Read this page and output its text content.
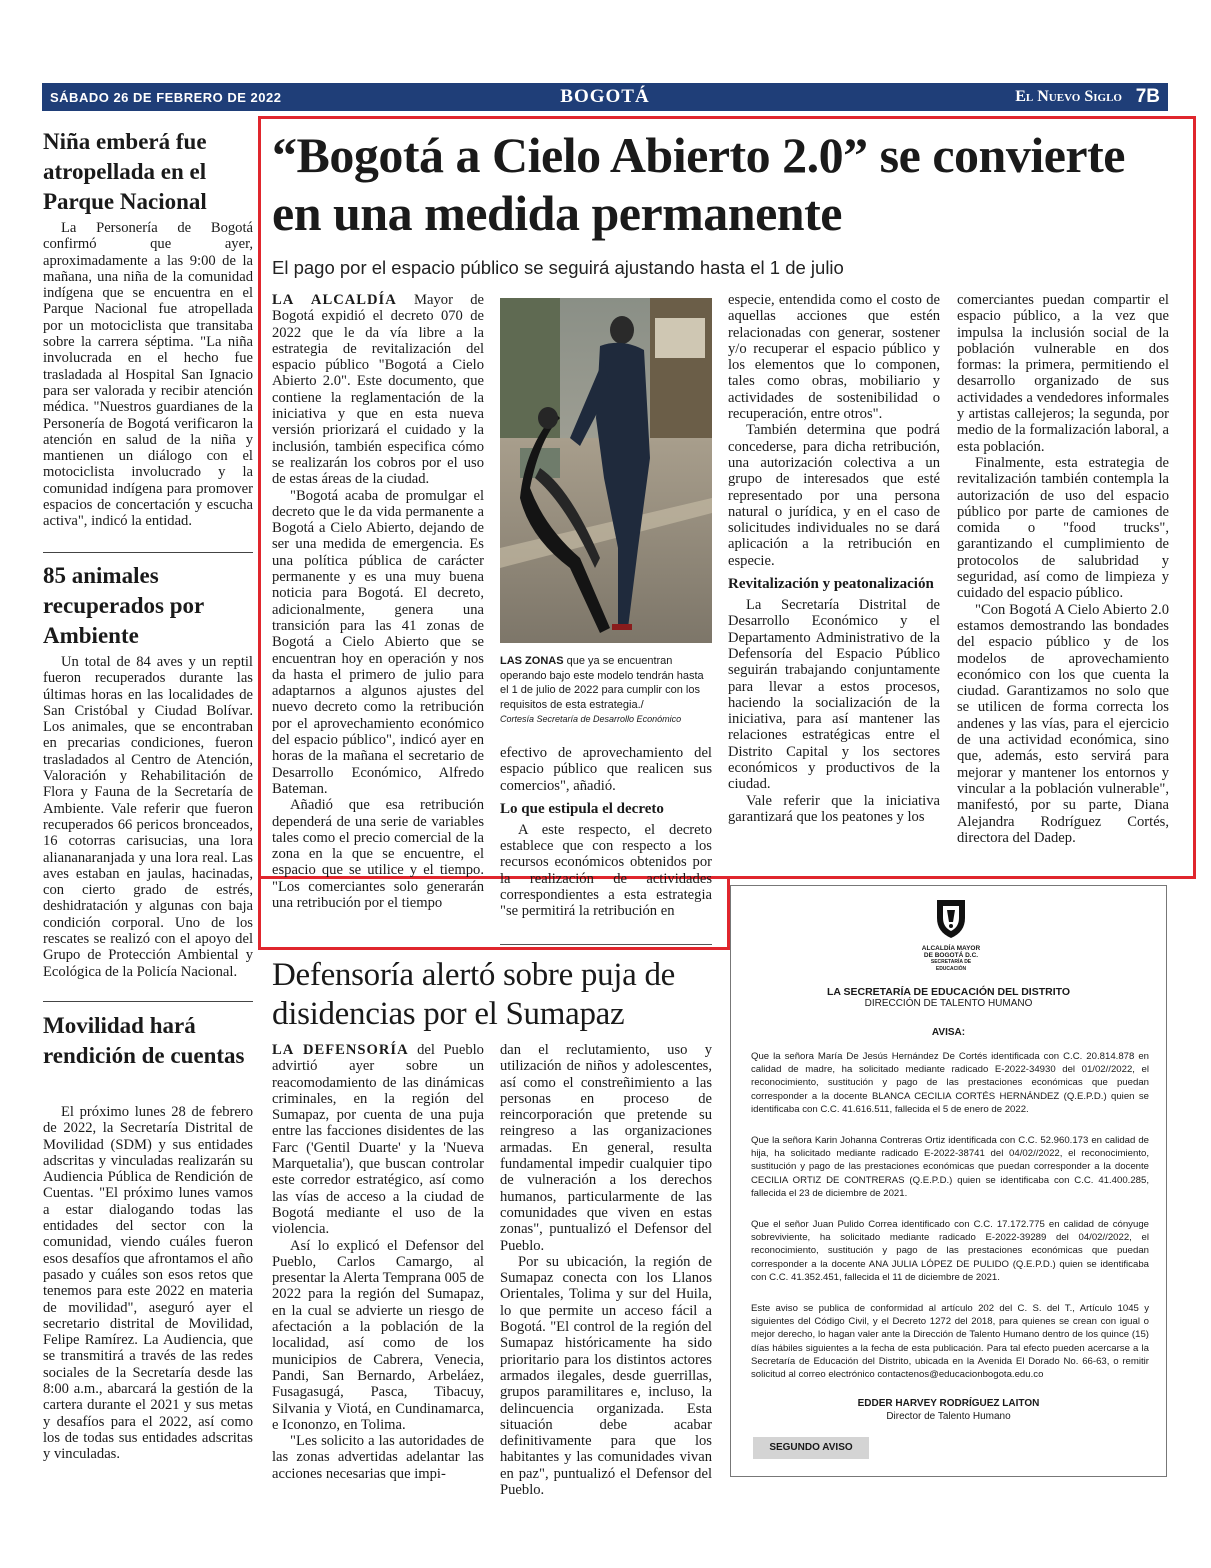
SÁBADO 26 DE FEBRERO DE 2022	BOGOTÁ	El Nuevo Siglo 7B
Niña emberá fue atropellada en el Parque Nacional

La Personería de Bogotá confirmó que ayer, aproximadamente a las 9:00 de la mañana, una niña de la comunidad indígena que se encuentra en el Parque Nacional fue atropellada por un motociclista que transitaba sobre la carrera séptima. "La niña involucrada en el hecho fue trasladada al Hospital San Ignacio para ser valorada y recibir atención médica. "Nuestros guardianes de la Personería de Bogotá verificaron la atención en salud de la niña y mantienen un diálogo con el motociclista involucrado y la comunidad indígena para promover espacios de concertación y escucha activa", indicó la entidad.

85 animales recuperados por Ambiente

Un total de 84 aves y un reptil fueron recuperados durante las últimas horas en las localidades de San Cristóbal y Ciudad Bolívar. Los animales, que se encontraban en precarias condiciones, fueron trasladados al Centro de Atención, Valoración y Rehabilitación de Flora y Fauna de la Secretaría de Ambiente. Vale referir que fueron recuperados 66 pericos bronceados, 16 cotorras carisucias, una lora aliananaranjada y una lora real. Las aves estaban en jaulas, hacinadas, con cierto grado de estrés, deshidratación y algunas con baja condición corporal. Uno de los rescates se realizó con el apoyo del Grupo de Protección Ambiental y Ecológica de la Policía Nacional.

Movilidad hará rendición de cuentas

El próximo lunes 28 de febrero de 2022, la Secretaría Distrital de Movilidad (SDM) y sus entidades adscritas y vinculadas realizarán su Audiencia Pública de Rendición de Cuentas. "El próximo lunes vamos a estar dialogando todas las entidades del sector con la comunidad, viendo cuáles fueron esos desafíos que afrontamos el año pasado y cuáles son esos retos que tenemos para este 2022 en materia de movilidad", aseguró ayer el secretario distrital de Movilidad, Felipe Ramírez. La Audiencia, que se transmitirá a través de las redes sociales de la Secretaría desde las 8:00 a.m., abarcará la gestión de la cartera durante el 2021 y sus metas y desafíos para el 2022, así como los de todas sus entidades adscritas y vinculadas.

“Bogotá a Cielo Abierto 2.0” se convierte en una medida permanente
El pago por el espacio público se seguirá ajustando hasta el 1 de julio

LA ALCALDÍA Mayor de Bogotá expidió el decreto 070 de 2022 que le da vía libre a la estrategia de revitalización del espacio público "Bogotá a Cielo Abierto 2.0". Este documento, que contiene la reglamentación de la iniciativa y que en esta nueva versión priorizará el cuidado y la inclusión, también especifica cómo se realizarán los cobros por el uso de estas áreas de la ciudad.

"Bogotá acaba de promulgar el decreto que le da vida permanente a Bogotá a Cielo Abierto, dejando de ser una medida de emergencia. Es una política pública de carácter permanente y es una muy buena noticia para Bogotá. El decreto, adicionalmente, genera una transición para las 41 zonas de Bogotá a Cielo Abierto que se encuentran hoy en operación y nos da hasta el primero de julio para adaptarnos a algunos ajustes del nuevo decreto como la retribución por el aprovechamiento económico del espacio público", indicó ayer en horas de la mañana el secretario de Desarrollo Económico, Alfredo Bateman.

Añadió que esa retribución dependerá de una serie de variables tales como el precio comercial de la zona en la que se encuentre, el espacio que se utilice y el tiempo. "Los comerciantes solo generarán una retribución por el tiempo

LAS ZONAS que ya se encuentran operando bajo este modelo tendrán hasta el 1 de julio de 2022 para cumplir con los requisitos de esta estrategia./
Cortesía Secretaría de Desarrollo Económico

efectivo de aprovechamiento del espacio público que realicen sus comercios", añadió.

Lo que estipula el decreto

A este respecto, el decreto establece que con respecto a los recursos económicos obtenidos por la realización de actividades correspondientes a esta estrategia "se permitirá la retribución en

especie, entendida como el costo de aquellas acciones que estén relacionadas con generar, sostener y/o recuperar el espacio público y los elementos que lo componen, tales como obras, mobiliario y actividades de sostenibilidad o recuperación, entre otros".

También determina que podrá concederse, para dicha retribución, una autorización colectiva a un grupo de interesados que esté representado por una persona natural o jurídica, y en el caso de solicitudes individuales no se dará aplicación a la retribución en especie.

Revitalización y peatonalización

La Secretaría Distrital de Desarrollo Económico y el Departamento Administrativo de la Defensoría del Espacio Público seguirán trabajando conjuntamente para llevar a estos procesos, haciendo la socialización de la iniciativa, para así mantener las relaciones estratégicas entre el Distrito Capital y los sectores económicos y productivos de la ciudad.

Vale referir que la iniciativa garantizará que los peatones y los

comerciantes puedan compartir el espacio público, a la vez que impulsa la inclusión social de la población vulnerable en dos formas: la primera, permitiendo el desarrollo organizado de sus actividades a vendedores informales y artistas callejeros; la segunda, por medio de la formalización laboral, a esta población.

Finalmente, esta estrategia de revitalización también contempla la autorización de uso del espacio público por parte de camiones de comida o "food trucks", garantizando el cumplimiento de protocolos de salubridad y seguridad, así como de limpieza y cuidado del espacio público.

"Con Bogotá A Cielo Abierto 2.0 estamos demostrando las bondades del espacio público y de los modelos de aprovechamiento económico con los que cuenta la ciudad. Garantizamos no solo que se utilicen de forma correcta los andenes y las vías, para el ejercicio de una actividad económica, sino que, además, esto servirá para mejorar y mantener los entornos y vincular a la población vulnerable", manifestó, por su parte, Diana Alejandra Rodríguez Cortés, directora del Dadep.

Defensoría alertó sobre puja de disidencias por el Sumapaz

LA DEFENSORÍA del Pueblo advirtió ayer sobre un reacomodamiento de las dinámicas criminales, en la región del Sumapaz, por cuenta de una puja entre las facciones disidentes de las Farc ('Gentil Duarte' y la 'Nueva Marquetalia'), que buscan controlar este corredor estratégico, así como las vías de acceso a la ciudad de Bogotá mediante el uso de la violencia.

Así lo explicó el Defensor del Pueblo, Carlos Camargo, al presentar la Alerta Temprana 005 de 2022 para la región del Sumapaz, en la cual se advierte un riesgo de afectación a la población de la localidad, así como de los municipios de Cabrera, Venecia, Pandi, San Bernardo, Arbeláez, Fusagasugá, Pasca, Tibacuy, Silvania y Viotá, en Cundinamarca, e Icononzo, en Tolima.

"Les solicito a las autoridades de las zonas advertidas adelantar las acciones necesarias que impi-

dan el reclutamiento, uso y utilización de niños y adolescentes, así como el constreñimiento a las personas en proceso de reincorporación que pretende su reingreso a las organizaciones armadas. En general, resulta fundamental impedir cualquier tipo de vulneración a los derechos humanos, particularmente de las comunidades que viven en estas zonas", puntualizó el Defensor del Pueblo.

Por su ubicación, la región de Sumapaz conecta con los Llanos Orientales, Tolima y sur del Huila, lo que permite un acceso fácil a Bogotá. "El control de la región del Sumapaz históricamente ha sido prioritario para los distintos actores armados ilegales, desde guerrillas, grupos paramilitares e, incluso, la delincuencia organizada. Esta situación debe acabar definitivamente para que los habitantes y las comunidades vivan en paz", puntualizó el Defensor del Pueblo.

ALCALDÍA MAYOR
DE BOGOTÁ D.C.
SECRETARÍA DE EDUCACIÓN
LA SECRETARÍA DE EDUCACIÓN DEL DISTRITO
DIRECCIÓN DE TALENTO HUMANO
AVISA:
Que la señora María De Jesús Hernández De Cortés identificada con C.C. 20.814.878 en calidad de madre, ha solicitado mediante radicado E-2022-34930 del 01/02//2022, el reconocimiento, sustitución y pago de las prestaciones económicas que puedan corresponder a la docente BLANCA CECILIA CORTÉS HERNÁNDEZ (Q.E.P.D.) quien se identificaba con C.C. 41.616.511, fallecida el 5 de enero de 2022.
Que la señora Karin Johanna Contreras Ortiz identificada con C.C. 52.960.173 en calidad de hija, ha solicitado mediante radicado E-2022-38741 del 04/02//2022, el reconocimiento, sustitución y pago de las prestaciones económicas que puedan corresponder a la docente CECILIA ORTIZ DE CONTRERAS (Q.E.P.D.) quien se identificaba con C.C. 41.400.285, fallecida el 23 de diciembre de 2021.
Que el señor Juan Pulido Correa identificado con C.C. 17.172.775 en calidad de cónyuge sobreviviente, ha solicitado mediante radicado E-2022-39289 del 04/02//2022, el reconocimiento, sustitución y pago de las prestaciones económicas que puedan corresponder a la docente ANA JULIA LÓPEZ DE PULIDO (Q.E.P.D.) quien se identificaba con C.C. 41.352.451, fallecida el 11 de diciembre de 2021.
Este aviso se publica de conformidad al artículo 202 del C. S. del T., Artículo 1045 y siguientes del Código Civil, y el Decreto 1272 del 2018, para quienes se crean con igual o mejor derecho, lo hagan valer ante la Dirección de Talento Humano dentro de los quince (15) días hábiles siguientes a la fecha de esta publicación. Para tal efecto pueden acercarse a la Secretaría de Educación del Distrito, ubicada en la Avenida El Dorado No. 66-63, o remitir solicitud al correo electrónico contactenos@educacionbogota.edu.co
EDDER HARVEY RODRÍGUEZ LAITON
Director de Talento Humano
SEGUNDO AVISO
